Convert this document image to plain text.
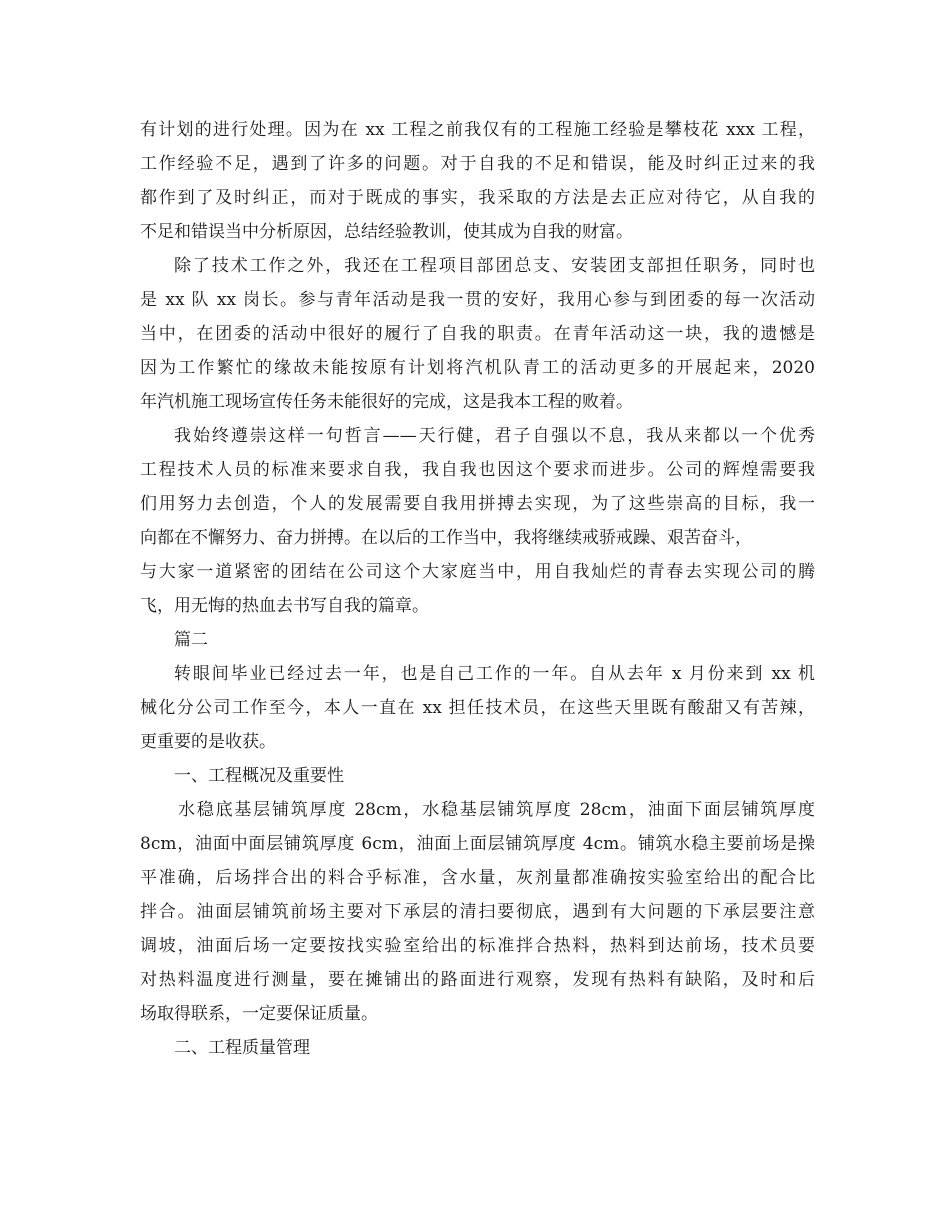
有计划的进行处理。因为在 xx 工程之前我仅有的工程施工经验是攀枝花 xxx 工程，
工作经验不足，遇到了许多的问题。对于自我的不足和错误，能及时纠正过来的我
都作到了及时纠正，而对于既成的事实，我采取的方法是去正应对待它，从自我的
不足和错误当中分析原因，总结经验教训，使其成为自我的财富。
除了技术工作之外，我还在工程项目部团总支、安装团支部担任职务，同时也
是 xx 队 xx 岗长。参与青年活动是我一贯的安好，我用心参与到团委的每一次活动
当中，在团委的活动中很好的履行了自我的职责。在青年活动这一块，我的遗憾是
因为工作繁忙的缘故未能按原有计划将汽机队青工的活动更多的开展起来，2020
年汽机施工现场宣传任务未能很好的完成，这是我本工程的败着。
我始终遵崇这样一句哲言——天行健，君子自强以不息，我从来都以一个优秀
工程技术人员的标准来要求自我，我自我也因这个要求而进步。公司的辉煌需要我
们用努力去创造，个人的发展需要自我用拼搏去实现，为了这些崇高的目标，我一
向都在不懈努力、奋力拼搏。在以后的工作当中，我将继续戒骄戒躁、艰苦奋斗，
与大家一道紧密的团结在公司这个大家庭当中，用自我灿烂的青春去实现公司的腾
飞，用无悔的热血去书写自我的篇章。
篇二
转眼间毕业已经过去一年，也是自己工作的一年。自从去年 x 月份来到 xx 机
械化分公司工作至今，本人一直在 xx 担任技术员，在这些天里既有酸甜又有苦辣，
更重要的是收获。
一、工程概况及重要性
水稳底基层铺筑厚度 28cm，水稳基层铺筑厚度 28cm，油面下面层铺筑厚度
8cm，油面中面层铺筑厚度 6cm，油面上面层铺筑厚度 4cm。铺筑水稳主要前场是操
平准确，后场拌合出的料合乎标准，含水量，灰剂量都准确按实验室给出的配合比
拌合。油面层铺筑前场主要对下承层的清扫要彻底，遇到有大问题的下承层要注意
调坡，油面后场一定要按找实验室给出的标准拌合热料，热料到达前场，技术员要
对热料温度进行测量，要在摊铺出的路面进行观察，发现有热料有缺陷，及时和后
场取得联系，一定要保证质量。
二、工程质量管理
